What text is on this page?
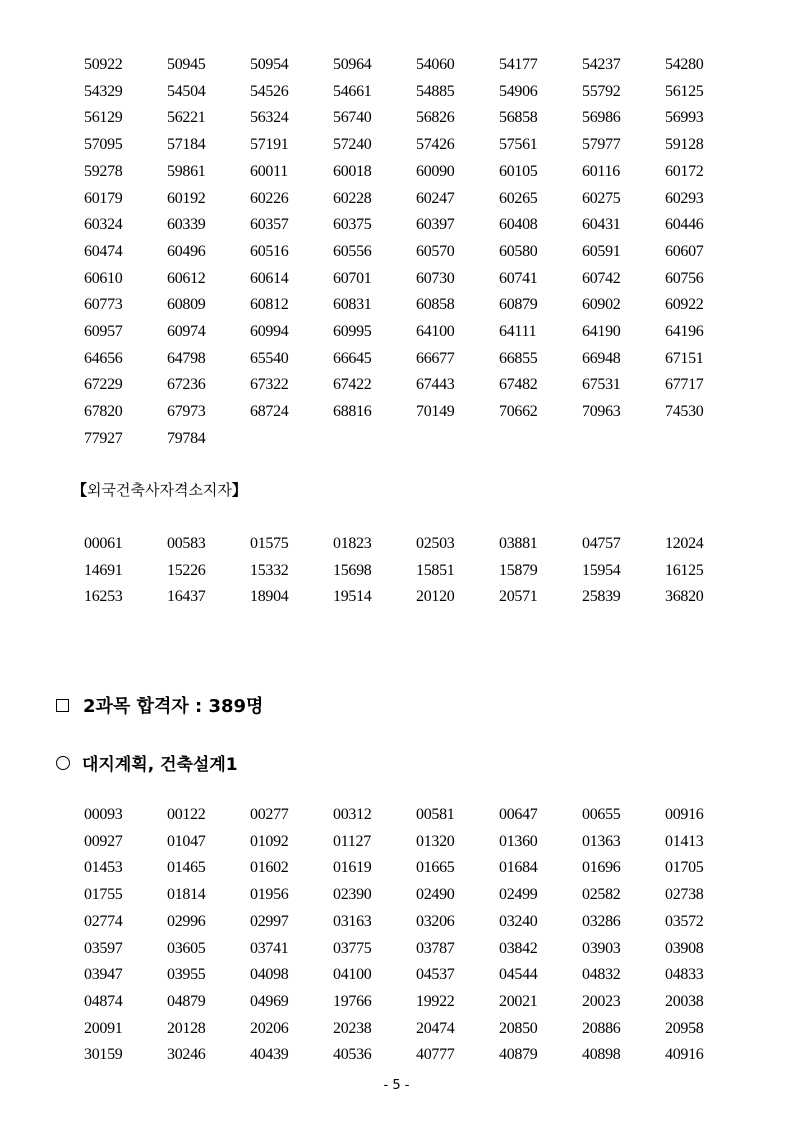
50922	50945	50954	50964	54060	54177	54237	54280
54329	54504	54526	54661	54885	54906	55792	56125
56129	56221	56324	56740	56826	56858	56986	56993
57095	57184	57191	57240	57426	57561	57977	59128
59278	59861	60011	60018	60090	60105	60116	60172
60179	60192	60226	60228	60247	60265	60275	60293
60324	60339	60357	60375	60397	60408	60431	60446
60474	60496	60516	60556	60570	60580	60591	60607
60610	60612	60614	60701	60730	60741	60742	60756
60773	60809	60812	60831	60858	60879	60902	60922
60957	60974	60994	60995	64100	64111	64190	64196
64656	64798	65540	66645	66677	66855	66948	67151
67229	67236	67322	67422	67443	67482	67531	67717
67820	67973	68724	68816	70149	70662	70963	74530
77927	79784
【외국건축사자격소지자】
00061	00583	01575	01823	02503	03881	04757	12024
14691	15226	15332	15698	15851	15879	15954	16125
16253	16437	18904	19514	20120	20571	25839	36820
2과목 합격자 : 389명
대지계획, 건축설계1
00093	00122	00277	00312	00581	00647	00655	00916
00927	01047	01092	01127	01320	01360	01363	01413
01453	01465	01602	01619	01665	01684	01696	01705
01755	01814	01956	02390	02490	02499	02582	02738
02774	02996	02997	03163	03206	03240	03286	03572
03597	03605	03741	03775	03787	03842	03903	03908
03947	03955	04098	04100	04537	04544	04832	04833
04874	04879	04969	19766	19922	20021	20023	20038
20091	20128	20206	20238	20474	20850	20886	20958
30159	30246	40439	40536	40777	40879	40898	40916
- 5 -
